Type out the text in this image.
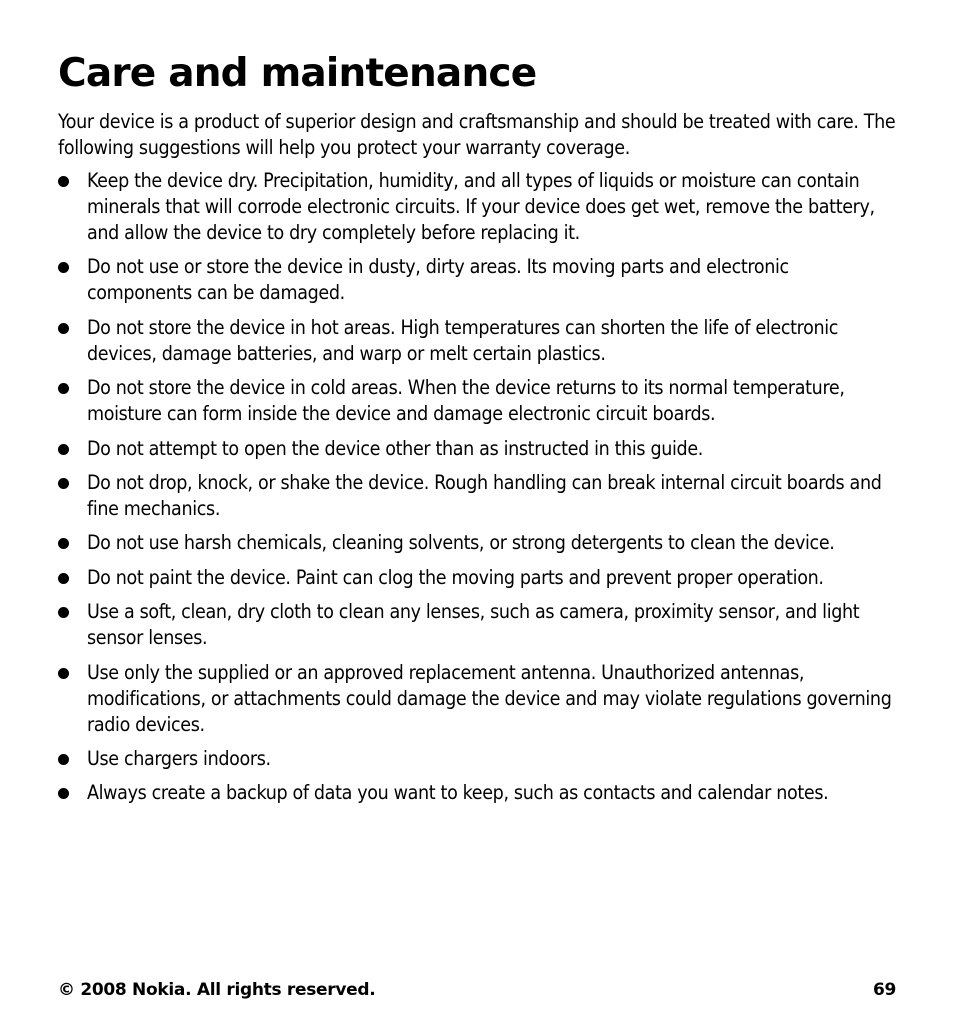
Care and maintenance

Your device is a product of superior design and craftsmanship and should be treated with care. The following suggestions will help you protect your warranty coverage.

Keep the device dry. Precipitation, humidity, and all types of liquids or moisture can contain minerals that will corrode electronic circuits. If your device does get wet, remove the battery, and allow the device to dry completely before replacing it.
Do not use or store the device in dusty, dirty areas. Its moving parts and electronic components can be damaged.
Do not store the device in hot areas. High temperatures can shorten the life of electronic devices, damage batteries, and warp or melt certain plastics.
Do not store the device in cold areas. When the device returns to its normal temperature, moisture can form inside the device and damage electronic circuit boards.
Do not attempt to open the device other than as instructed in this guide.
Do not drop, knock, or shake the device. Rough handling can break internal circuit boards and fine mechanics.
Do not use harsh chemicals, cleaning solvents, or strong detergents to clean the device.
Do not paint the device. Paint can clog the moving parts and prevent proper operation.
Use a soft, clean, dry cloth to clean any lenses, such as camera, proximity sensor, and light sensor lenses.
Use only the supplied or an approved replacement antenna. Unauthorized antennas, modifications, or attachments could damage the device and may violate regulations governing radio devices.
Use chargers indoors.
Always create a backup of data you want to keep, such as contacts and calendar notes.
© 2008 Nokia. All rights reserved.	69
